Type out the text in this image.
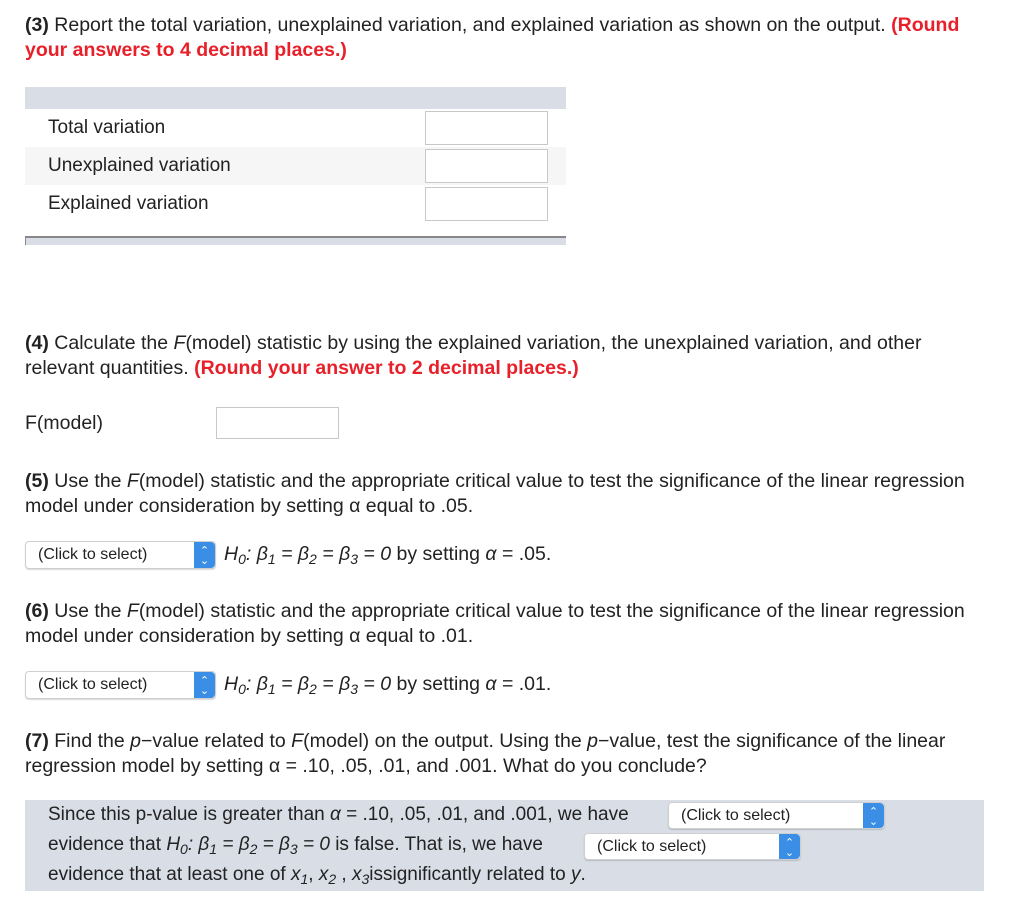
(3) Report the total variation, unexplained variation, and explained variation as shown on the output. (Round your answers to 4 decimal places.)
Total variation
Unexplained variation
Explained variation
(4) Calculate the F(model) statistic by using the explained variation, the unexplained variation, and other relevant quantities. (Round your answer to 2 decimal places.)
F(model)
(5) Use the F(model) statistic and the appropriate critical value to test the significance of the linear regression model under consideration by setting α equal to .05.
(Click to select)	⌃
⌄ $H_0$: $\beta_1 = \beta_2 = \beta_3 = 0$ by setting α = .05.
(6) Use the F(model) statistic and the appropriate critical value to test the significance of the linear regression model under consideration by setting α equal to .01.
(Click to select)	⌃
⌄ $H_0$: $\beta_1 = \beta_2 = \beta_3 = 0$ by setting α = .01.
(7) Find the p−value related to F(model) on the output. Using the p−value, test the significance of the linear regression model by setting α = .10, .05, .01, and .001. What do you conclude?
Since this p-value is greater than α = .10, .05, .01, and .001, we have	(Click to select)	⌃
⌄
evidence that $H_0$: $\beta_1 = \beta_2 = \beta_3 = 0$ is false. That is, we have	(Click to select)	⌃
⌄
evidence that at least one of $x_1$, $x_2$ , $x_3issignificantly$ related to y.
